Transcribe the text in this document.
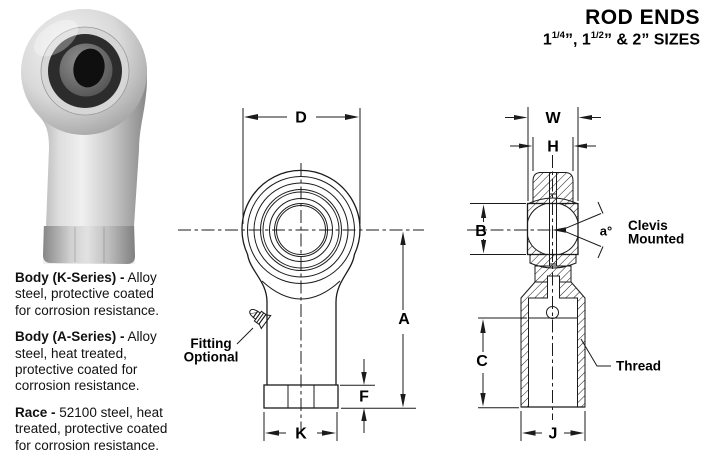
ROD ENDS
$1^{1/4}$”, $1^{1/2}$” & 2” SIZES

Body (K-Series) - Alloy steel, protective coated for corrosion resistance.

Body (A-Series) - Alloy steel, heat treated, protective coated for corrosion resistance.

Race - 52100 steel, heat treated, protective coated for corrosion resistance.

D
A
F
K
Fitting
Optional
W
H
B	a° Clevis
Mounted
C
J
Thread
